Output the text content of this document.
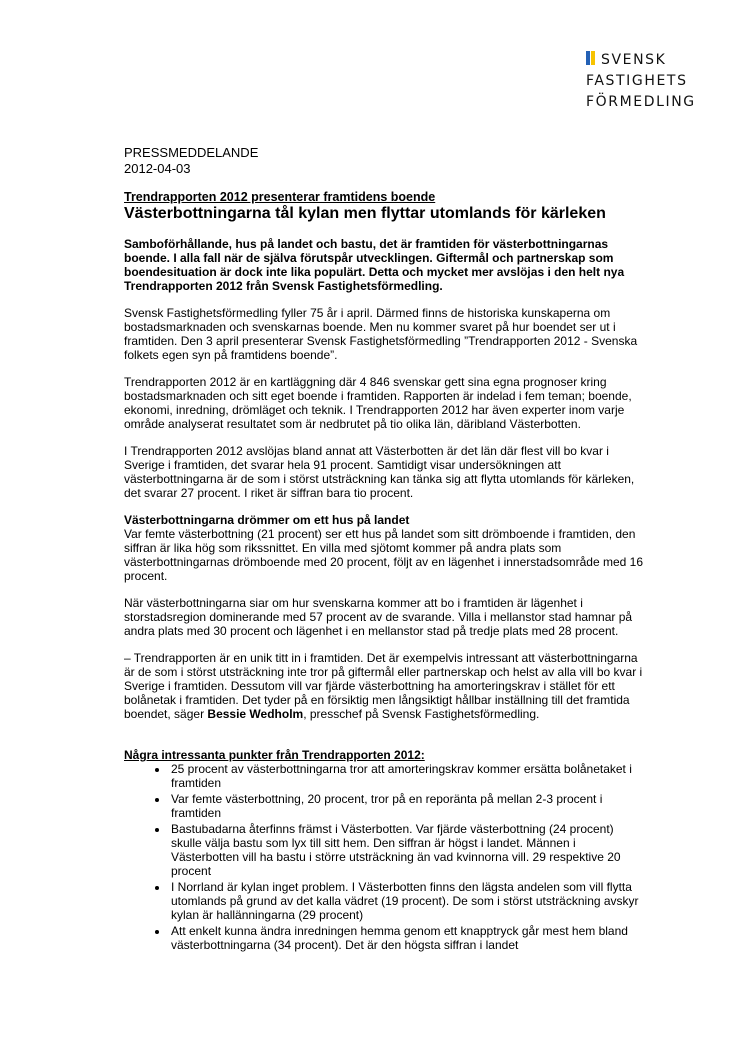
SVENSK
FASTIGHETS
FÖRMEDLING
PRESSMEDDELANDE
2012-04-03
Trendrapporten 2012 presenterar framtidens boende
Västerbottningarna tål kylan men flyttar utomlands för kärleken

Samboförhållande, hus på landet och bastu, det är framtiden för västerbottningarnas boende. I alla fall när de själva förutspår utvecklingen. Giftermål och partnerskap som boendesituation är dock inte lika populärt. Detta och mycket mer avslöjas i den helt nya Trendrapporten 2012 från Svensk Fastighetsförmedling.

Svensk Fastighetsförmedling fyller 75 år i april. Därmed finns de historiska kunskaperna om bostadsmarknaden och svenskarnas boende. Men nu kommer svaret på hur boendet ser ut i framtiden. Den 3 april presenterar Svensk Fastighetsförmedling ”Trendrapporten 2012 - Svenska folkets egen syn på framtidens boende”.

Trendrapporten 2012 är en kartläggning där 4 846 svenskar gett sina egna prognoser kring bostadsmarknaden och sitt eget boende i framtiden. Rapporten är indelad i fem teman; boende, ekonomi, inredning, drömläget och teknik. I Trendrapporten 2012 har även experter inom varje område analyserat resultatet som är nedbrutet på tio olika län, däribland Västerbotten.

I Trendrapporten 2012 avslöjas bland annat att Västerbotten är det län där flest vill bo kvar i Sverige i framtiden, det svarar hela 91 procent. Samtidigt visar undersökningen att västerbottningarna är de som i störst utsträckning kan tänka sig att flytta utomlands för kärleken, det svarar 27 procent. I riket är siffran bara tio procent.

Västerbottningarna drömmer om ett hus på landet

Var femte västerbottning (21 procent) ser ett hus på landet som sitt drömboende i framtiden, den siffran är lika hög som rikssnittet. En villa med sjötomt kommer på andra plats som västerbottningarnas drömboende med 20 procent, följt av en lägenhet i innerstadsområde med 16 procent.

När västerbottningarna siar om hur svenskarna kommer att bo i framtiden är lägenhet i storstadsregion dominerande med 57 procent av de svarande. Villa i mellanstor stad hamnar på andra plats med 30 procent och lägenhet i en mellanstor stad på tredje plats med 28 procent.

– Trendrapporten är en unik titt in i framtiden. Det är exempelvis intressant att västerbottningarna är de som i störst utsträckning inte tror på giftermål eller partnerskap och helst av alla vill bo kvar i Sverige i framtiden. Dessutom vill var fjärde västerbottning ha amorteringskrav i stället för ett bolånetak i framtiden. Det tyder på en försiktig men långsiktigt hållbar inställning till det framtida boendet, säger Bessie Wedholm, presschef på Svensk Fastighetsförmedling.

Några intressanta punkter från Trendrapporten 2012:
• 25 procent av västerbottningarna tror att amorteringskrav kommer ersätta bolånetaket i framtiden
• Var femte västerbottning, 20 procent, tror på en reporänta på mellan 2-3 procent i framtiden
• Bastubadarna återfinns främst i Västerbotten. Var fjärde västerbottning (24 procent) skulle välja bastu som lyx till sitt hem. Den siffran är högst i landet. Männen i Västerbotten vill ha bastu i större utsträckning än vad kvinnorna vill. 29 respektive 20 procent
• I Norrland är kylan inget problem. I Västerbotten finns den lägsta andelen som vill flytta utomlands på grund av det kalla vädret (19 procent). De som i störst utsträckning avskyr kylan är hallänningarna (29 procent)
• Att enkelt kunna ändra inredningen hemma genom ett knapptryck går mest hem bland västerbottningarna (34 procent). Det är den högsta siffran i landet
